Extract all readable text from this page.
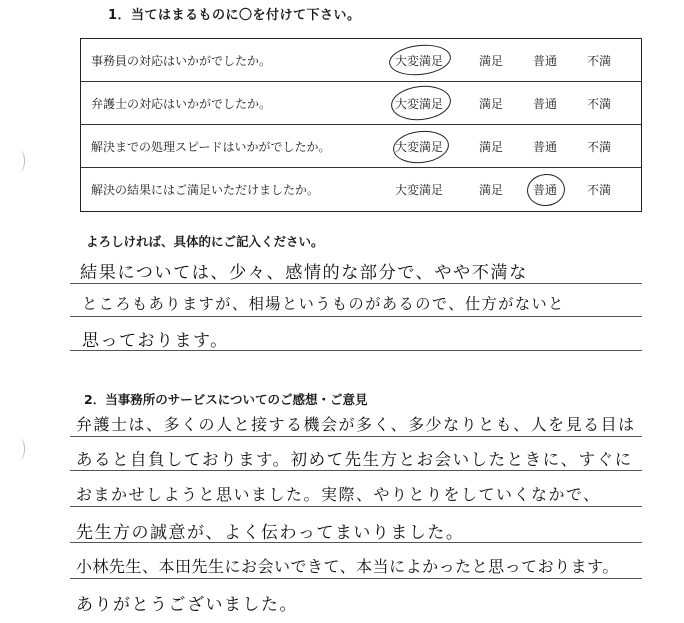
1．当てはまるものに〇を付けて下さい。
事務員の対応はいかがでしたか。	大変満足	満足 普通 不満
弁護士の対応はいかがでしたか。	大変満足	満足 普通 不満
解決までの処理スピードはいかがでしたか。	大変満足	満足 普通 不満
解決の結果にはご満足いただけましたか。	大変満足	満足 普通 不満
よろしければ、具体的にご記入ください。
結果については、少々、感情的な部分で、やや不満な
ところもありますが、相場というものがあるので、仕方がないと
思っております。
2．当事務所のサービスについてのご感想・ご意見
弁護士は、多くの人と接する機会が多く、多少なりとも、人を見る目は
あると自負しております。初めて先生方とお会いしたときに、すぐに
おまかせしようと思いました。実際、やりとりをしていくなかで、
先生方の誠意が、よく伝わってまいりました。
小林先生、本田先生にお会いできて、本当によかったと思っております。
ありがとうございました。
